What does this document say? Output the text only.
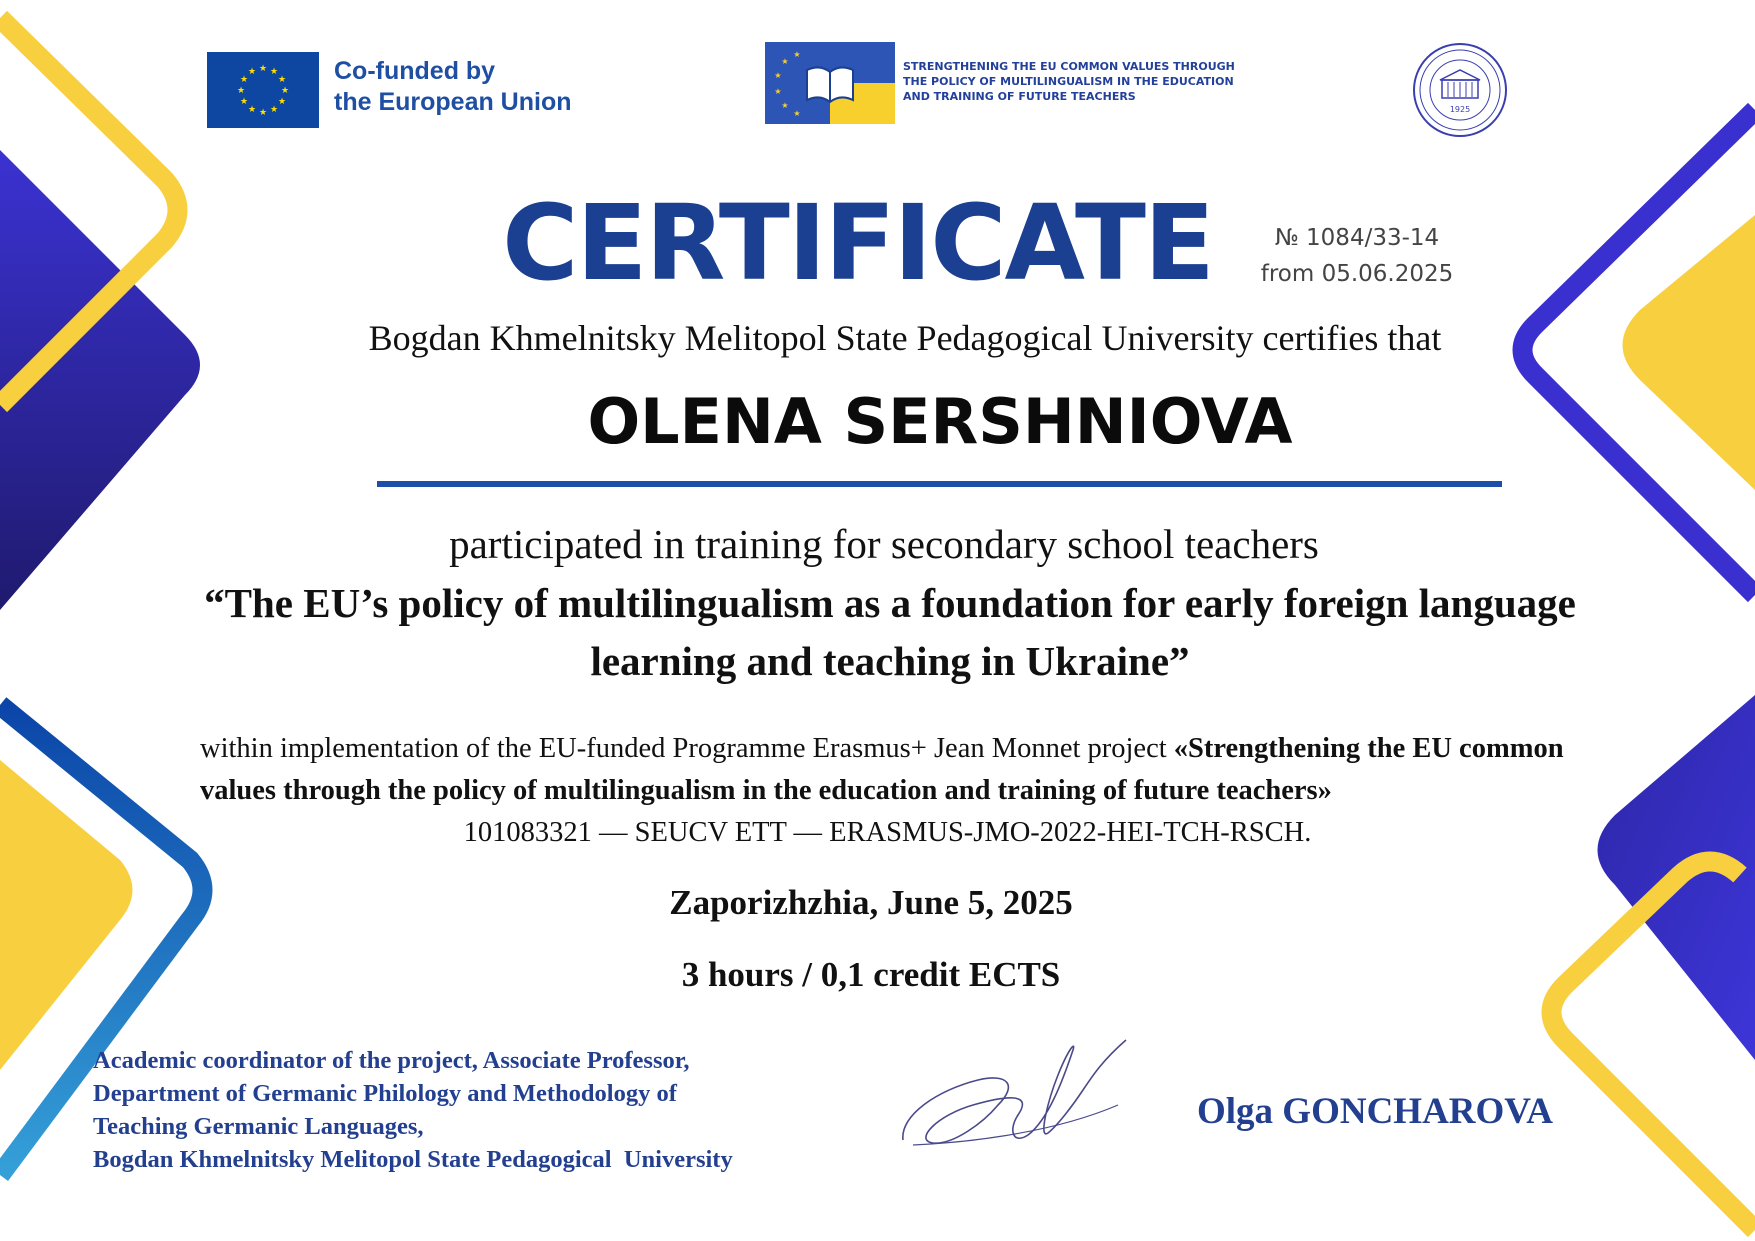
★ ★
★
★
★
★
★
★
★
★
★
★	Co-funded by
the European Union
★
★
★
★
★
★
STRENGTHENING THE EU COMMON VALUES THROUGH
THE POLICY OF MULTILINGUALISM IN THE EDUCATION
AND TRAINING OF FUTURE TEACHERS
1925
CERTIFICATE	№ 1084/33-14
from 05.06.2025
Bogdan Khmelnitsky Melitopol State Pedagogical University certifies that
OLENA SERSHNIOVA
participated in training for secondary school teachers
“The EU’s policy of multilingualism as a foundation for early foreign language learning and teaching in Ukraine”
within implementation of the EU-funded Programme Erasmus+ Jean Monnet project «Strengthening the EU common values through the policy of multilingualism in the education and training of future teachers»
101083321 — SEUCV ETT — ERASMUS-JMO-2022-HEI-TCH-RSCH.
Zaporizhzhia, June 5, 2025
3 hours / 0,1 credit ECTS
Academic coordinator of the project, Associate Professor,
Department of Germanic Philology and Methodology of
Teaching Germanic Languages,
Bogdan Khmelnitsky Melitopol State Pedagogical  University
Olga GONCHAROVA
